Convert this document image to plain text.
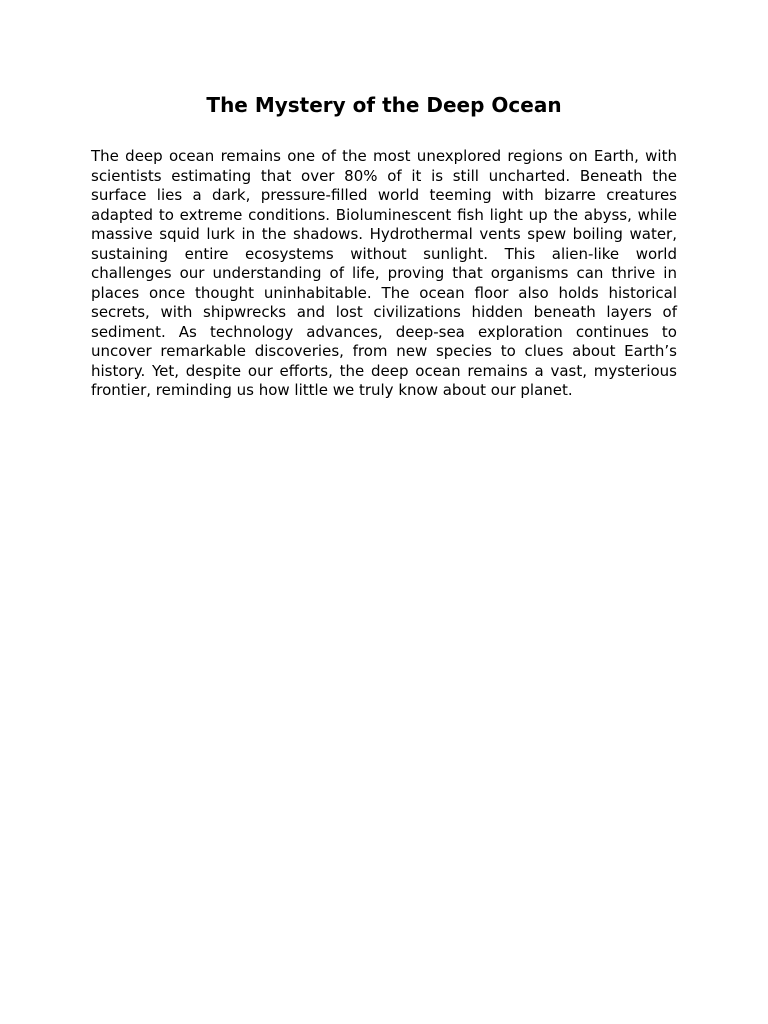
The Mystery of the Deep Ocean

The deep ocean remains one of the most unexplored regions on Earth, with scientists estimating that over 80% of it is still uncharted. Beneath the surface lies a dark, pressure-filled world teeming with bizarre creatures adapted to extreme conditions. Bioluminescent fish light up the abyss, while massive squid lurk in the shadows. Hydrothermal vents spew boiling water, sustaining entire ecosystems without sunlight. This alien-like world challenges our understanding of life, proving that organisms can thrive in places once thought uninhabitable. The ocean floor also holds historical secrets, with shipwrecks and lost civilizations hidden beneath layers of sediment. As technology advances, deep-sea exploration continues to uncover remarkable discoveries, from new species to clues about Earth’s history. Yet, despite our efforts, the deep ocean remains a vast, mysterious frontier, reminding us how little we truly know about our planet.
